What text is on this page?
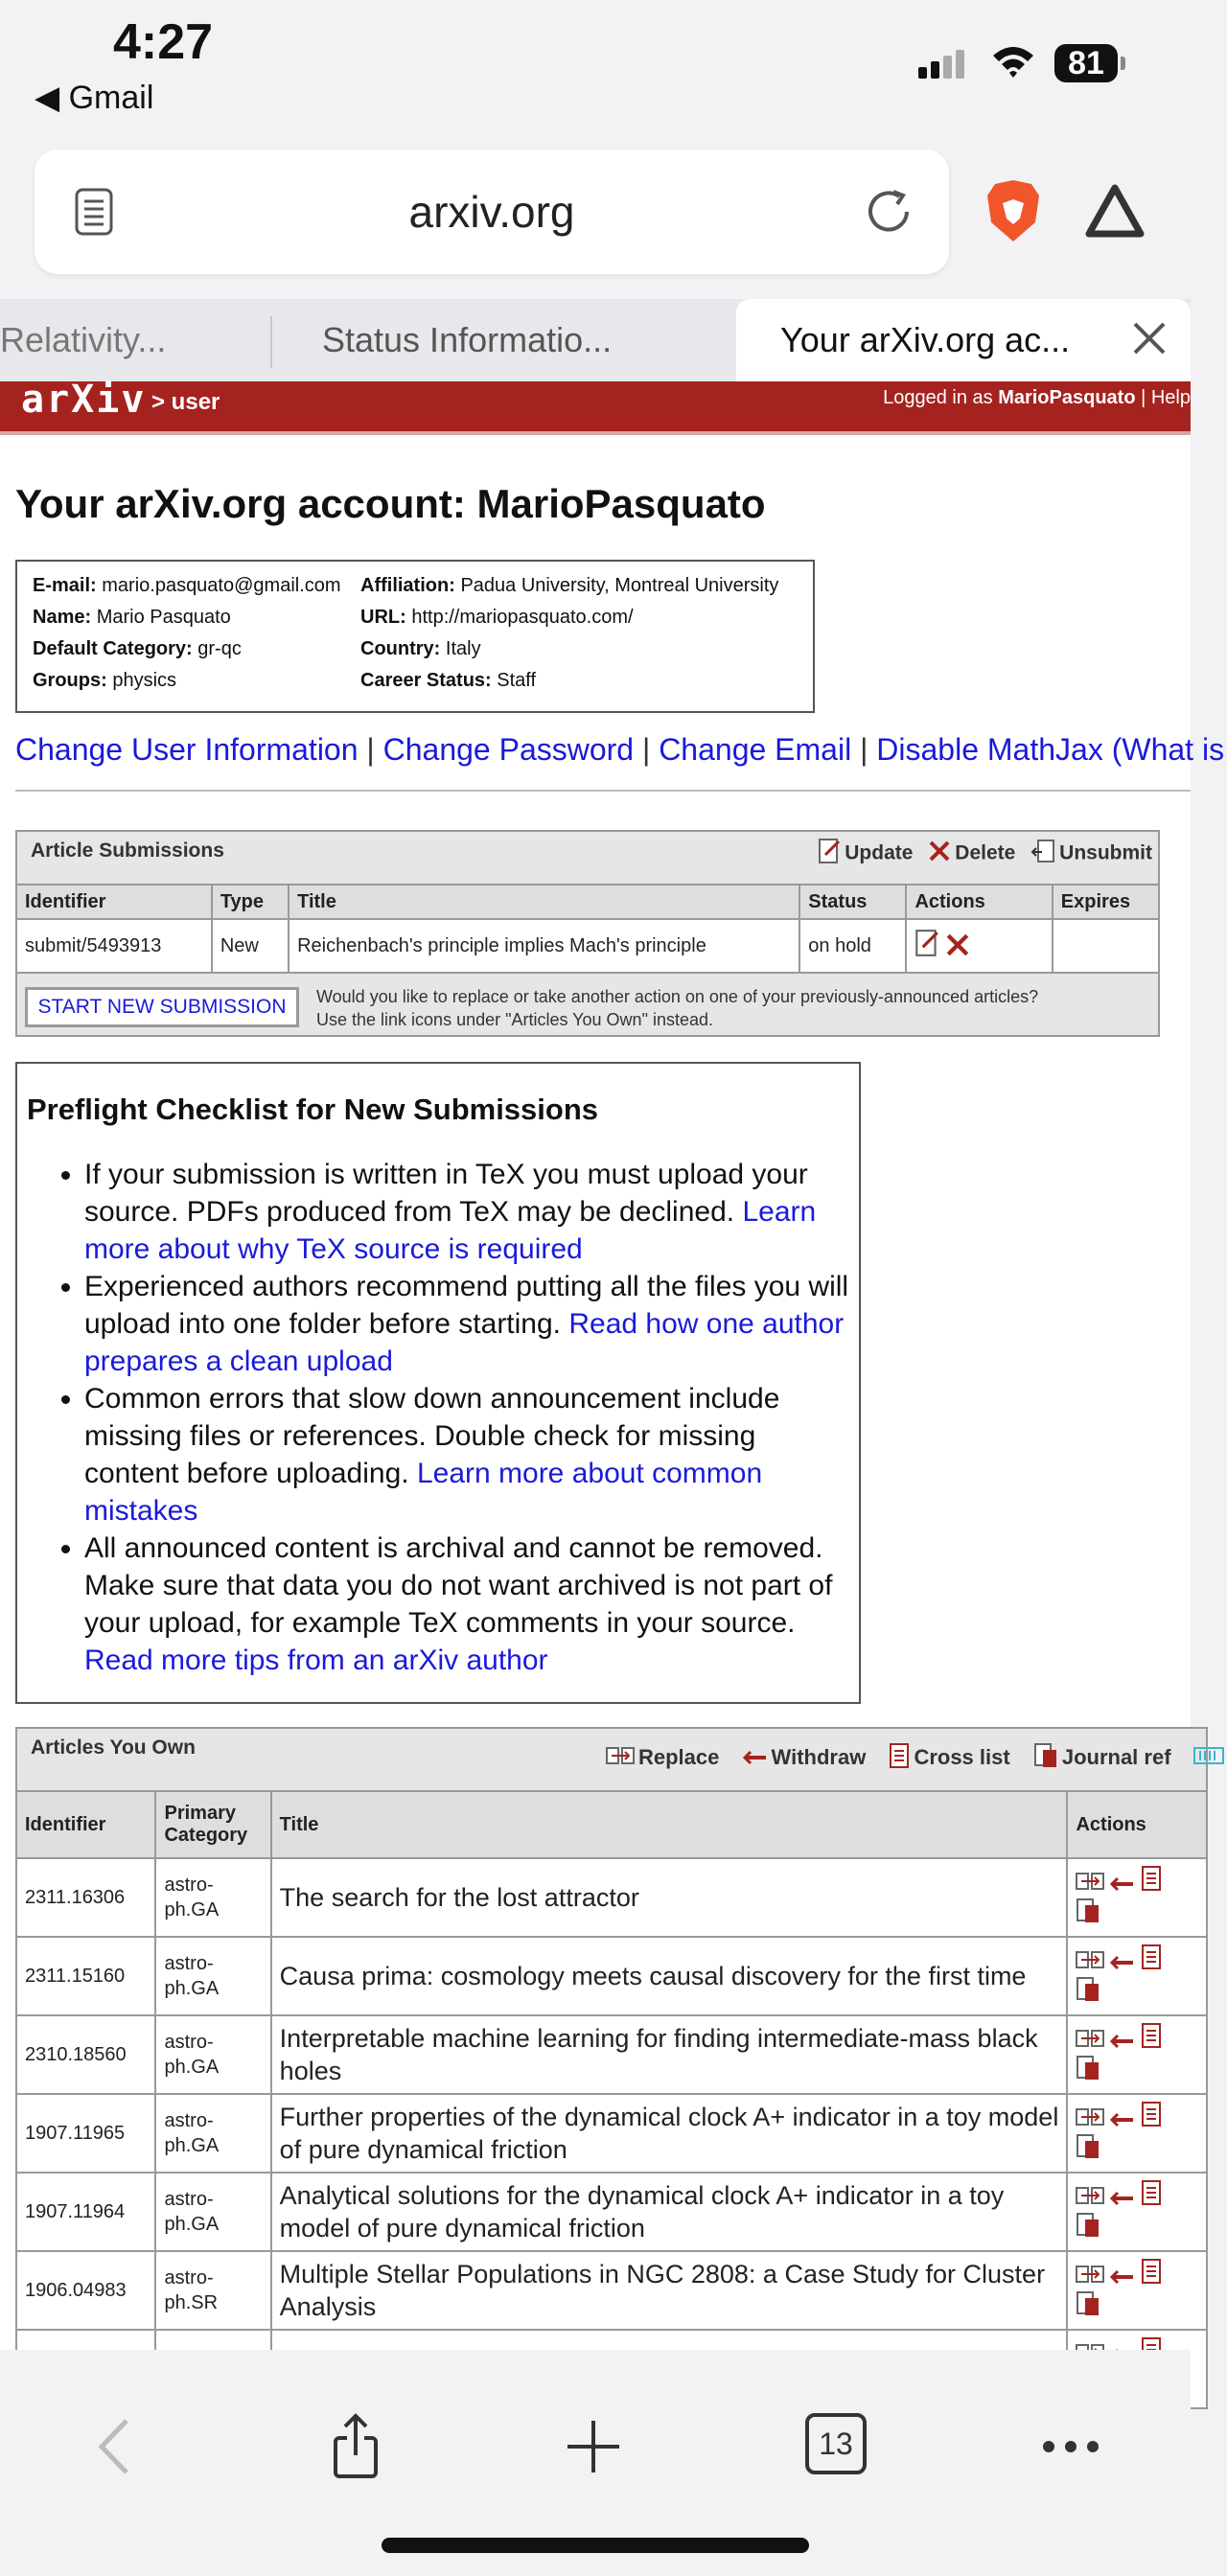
4:27
◀ Gmail
81
arxiv.org
Relativity...	Status Informatio...	Your arXiv.org ac...
arXiv > user	Logged in as MarioPasquato | Help
Your arXiv.org account: MarioPasquato
E-mail: mario.pasquato@gmail.com Affiliation: Padua University, Montreal University
Name: Mario Pasquato	URL: http://mariopasquato.com/
Default Category: gr-qc	Country: Italy
Groups: physics	Career Status: Staff
Change User Information | Change Password | Change Email | Disable MathJax (What is
Article Submissions	Update Delete Unsubmit
Identifier	Type	Title	Status	Actions	Expires
submit/5493913	New	Reichenbach's principle implies Mach's principle	on hold		
START NEW SUBMISSION	Would you like to replace or take another action on one of your previously-announced articles?
Use the link icons under "Articles You Own" instead.
Preflight Checklist for New Submissions
• If your submission is written in TeX you must upload your source. PDFs produced from TeX may be declined. Learn more about why TeX source is required
• Experienced authors recommend putting all the files you will upload into one folder before starting. Read how one author prepares a clean upload
• Common errors that slow down announcement include missing files or references. Double check for missing content before uploading. Learn more about common mistakes
• All announced content is archival and cannot be removed. Make sure that data you do not want archived is not part of your upload, for example TeX comments in your source. Read more tips from an arXiv author
Articles You Own	Replace Withdraw Cross list Journal ref
Identifier	Primary Category	Title	Actions
2311.16306	astro-ph.GA	The search for the lost attractor	
2311.15160	astro-ph.GA	Causa prima: cosmology meets causal discovery for the first time	
2310.18560	astro-ph.GA	Interpretable machine learning for finding intermediate-mass black holes	
1907.11965	astro-ph.GA	Further properties of the dynamical clock A+ indicator in a toy model of pure dynamical friction	
1907.11964	astro-ph.GA	Analytical solutions for the dynamical clock A+ indicator in a toy model of pure dynamical friction	
1906.04983	astro-ph.SR	Multiple Stellar Populations in NGC 2808: a Case Study for Cluster Analysis	

13
